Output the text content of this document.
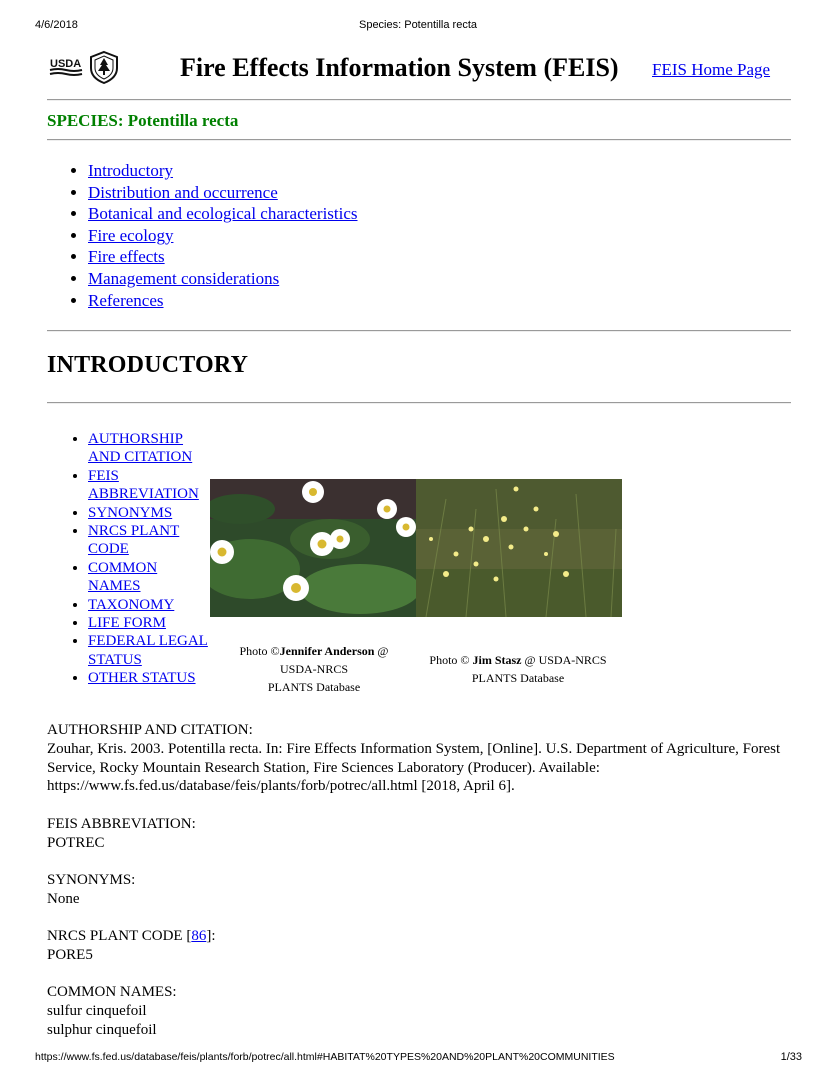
4/6/2018	Species: Potentilla recta
USDA	Fire Effects Information System (FEIS) FEIS Home Page
SPECIES: Potentilla recta
• Introductory
• Distribution and occurrence
• Botanical and ecological characteristics
• Fire ecology
• Fire effects
• Management considerations
• References
INTRODUCTORY
• AUTHORSHIP AND CITATION
• FEIS ABBREVIATION
• SYNONYMS
• NRCS PLANT CODE
• COMMON NAMES
• TAXONOMY
• LIFE FORM
• FEDERAL LEGAL STATUS
• OTHER STATUS
Photo ©Jennifer Anderson @
USDA-NRCS
PLANTS Database
Photo © Jim Stasz @ USDA-NRCS
PLANTS Database
AUTHORSHIP AND CITATION:
Zouhar, Kris. 2003. Potentilla recta. In: Fire Effects Information System, [Online]. U.S. Department of Agriculture, Forest Service, Rocky Mountain Research Station, Fire Sciences Laboratory (Producer). Available: https://www.fs.fed.us/database/feis/plants/forb/potrec/all.html [2018, April 6].
FEIS ABBREVIATION:
POTREC
SYNONYMS:
None
NRCS PLANT CODE [86]:
PORE5
COMMON NAMES:
sulfur cinquefoil
sulphur cinquefoil
https://www.fs.fed.us/database/feis/plants/forb/potrec/all.html#HABITAT%20TYPES%20AND%20PLANT%20COMMUNITIES	1/33
